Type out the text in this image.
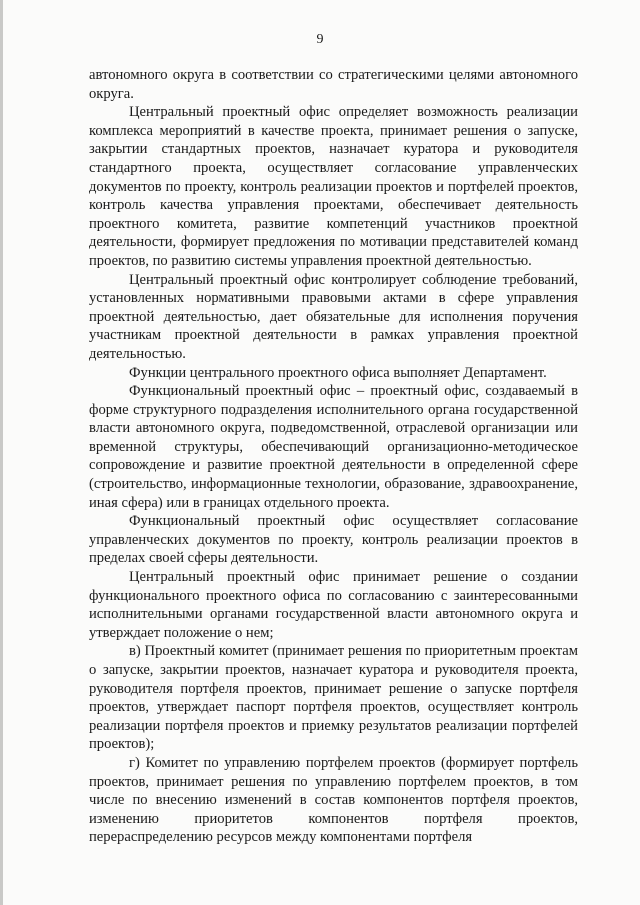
9

автономного округа в соответствии со стратегическими целями автономного округа.

Центральный проектный офис определяет возможность реализации комплекса мероприятий в качестве проекта, принимает решения о запуске, закрытии стандартных проектов, назначает куратора и руководителя стандартного проекта, осуществляет согласование управленческих документов по проекту, контроль реализации проектов и портфелей проектов, контроль качества управления проектами, обеспечивает деятельность проектного комитета, развитие компетенций участников проектной деятельности, формирует предложения по мотивации представителей команд проектов, по развитию системы управления проектной деятельностью.

Центральный проектный офис контролирует соблюдение требований, установленных нормативными правовыми актами в сфере управления проектной деятельностью, дает обязательные для исполнения поручения участникам проектной деятельности в рамках управления проектной деятельностью.

Функции центрального проектного офиса выполняет Департамент.

Функциональный проектный офис – проектный офис, создаваемый в форме структурного подразделения исполнительного органа государственной власти автономного округа, подведомственной, отраслевой организации или временной структуры, обеспечивающий организационно-методическое сопровождение и развитие проектной деятельности в определенной сфере (строительство, информационные технологии, образование, здравоохранение, иная сфера) или в границах отдельного проекта.

Функциональный проектный офис осуществляет согласование управленческих документов по проекту, контроль реализации проектов в пределах своей сферы деятельности.

Центральный проектный офис принимает решение о создании функционального проектного офиса по согласованию с заинтересованными исполнительными органами государственной власти автономного округа и утверждает положение о нем;

в) Проектный комитет (принимает решения по приоритетным проектам о запуске, закрытии проектов, назначает куратора и руководителя проекта, руководителя портфеля проектов, принимает решение о запуске портфеля проектов, утверждает паспорт портфеля проектов, осуществляет контроль реализации портфеля проектов и приемку результатов реализации портфелей проектов);

г) Комитет по управлению портфелем проектов (формирует портфель проектов, принимает решения по управлению портфелем проектов, в том числе по внесению изменений в состав компонентов портфеля проектов, изменению приоритетов компонентов портфеля проектов, перераспределению ресурсов между компонентами портфеля
